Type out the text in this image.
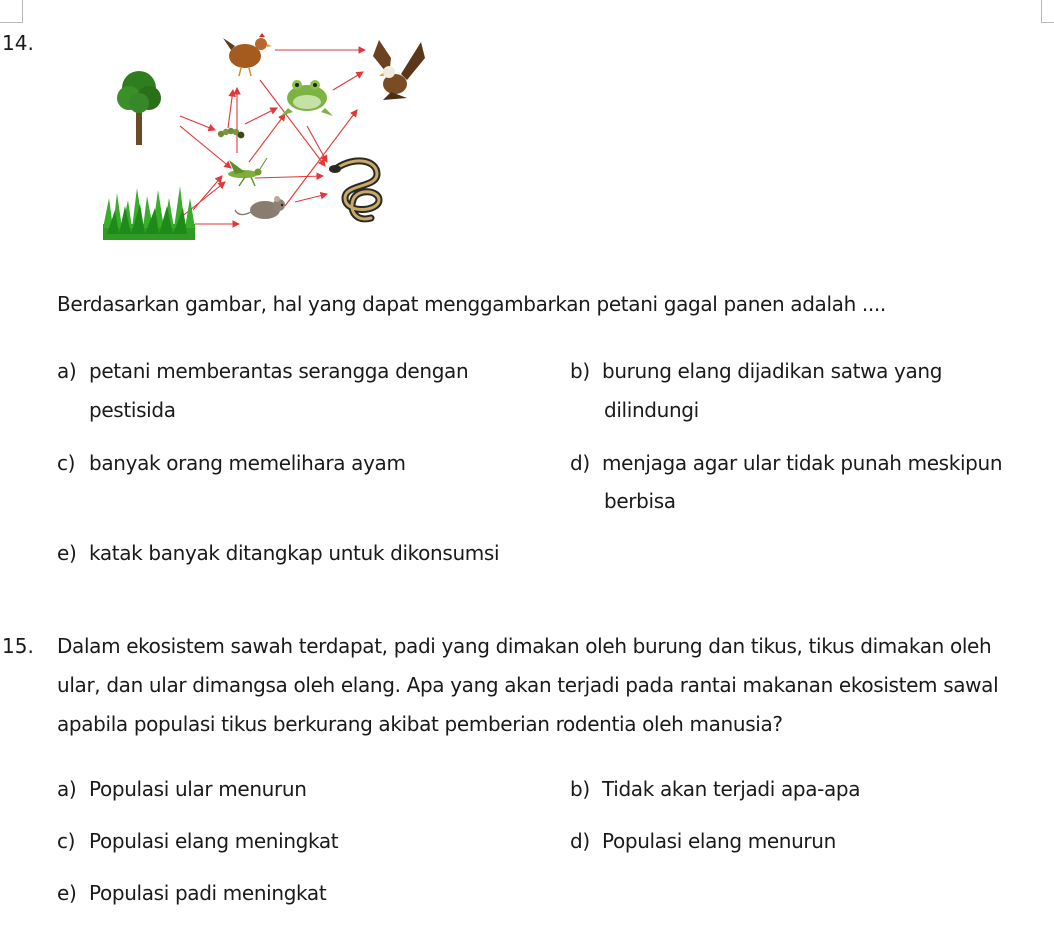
14.
Berdasarkan gambar, hal yang dapat menggambarkan petani gagal panen adalah ....
a) petani memberantas serangga dengan
pestisida
b) burung elang dijadikan satwa yang
dilindungi
c) banyak orang memelihara ayam	d) menjaga agar ular tidak punah meskipun
berbisa
e) katak banyak ditangkap untuk dikonsumsi
15. Dalam ekosistem sawah terdapat, padi yang dimakan oleh burung dan tikus, tikus dimakan oleh
ular, dan ular dimangsa oleh elang. Apa yang akan terjadi pada rantai makanan ekosistem sawal
apabila populasi tikus berkurang akibat pemberian rodentia oleh manusia?
a) Populasi ular menurun	b) Tidak akan terjadi apa-apa
c) Populasi elang meningkat	d) Populasi elang menurun
e) Populasi padi meningkat
